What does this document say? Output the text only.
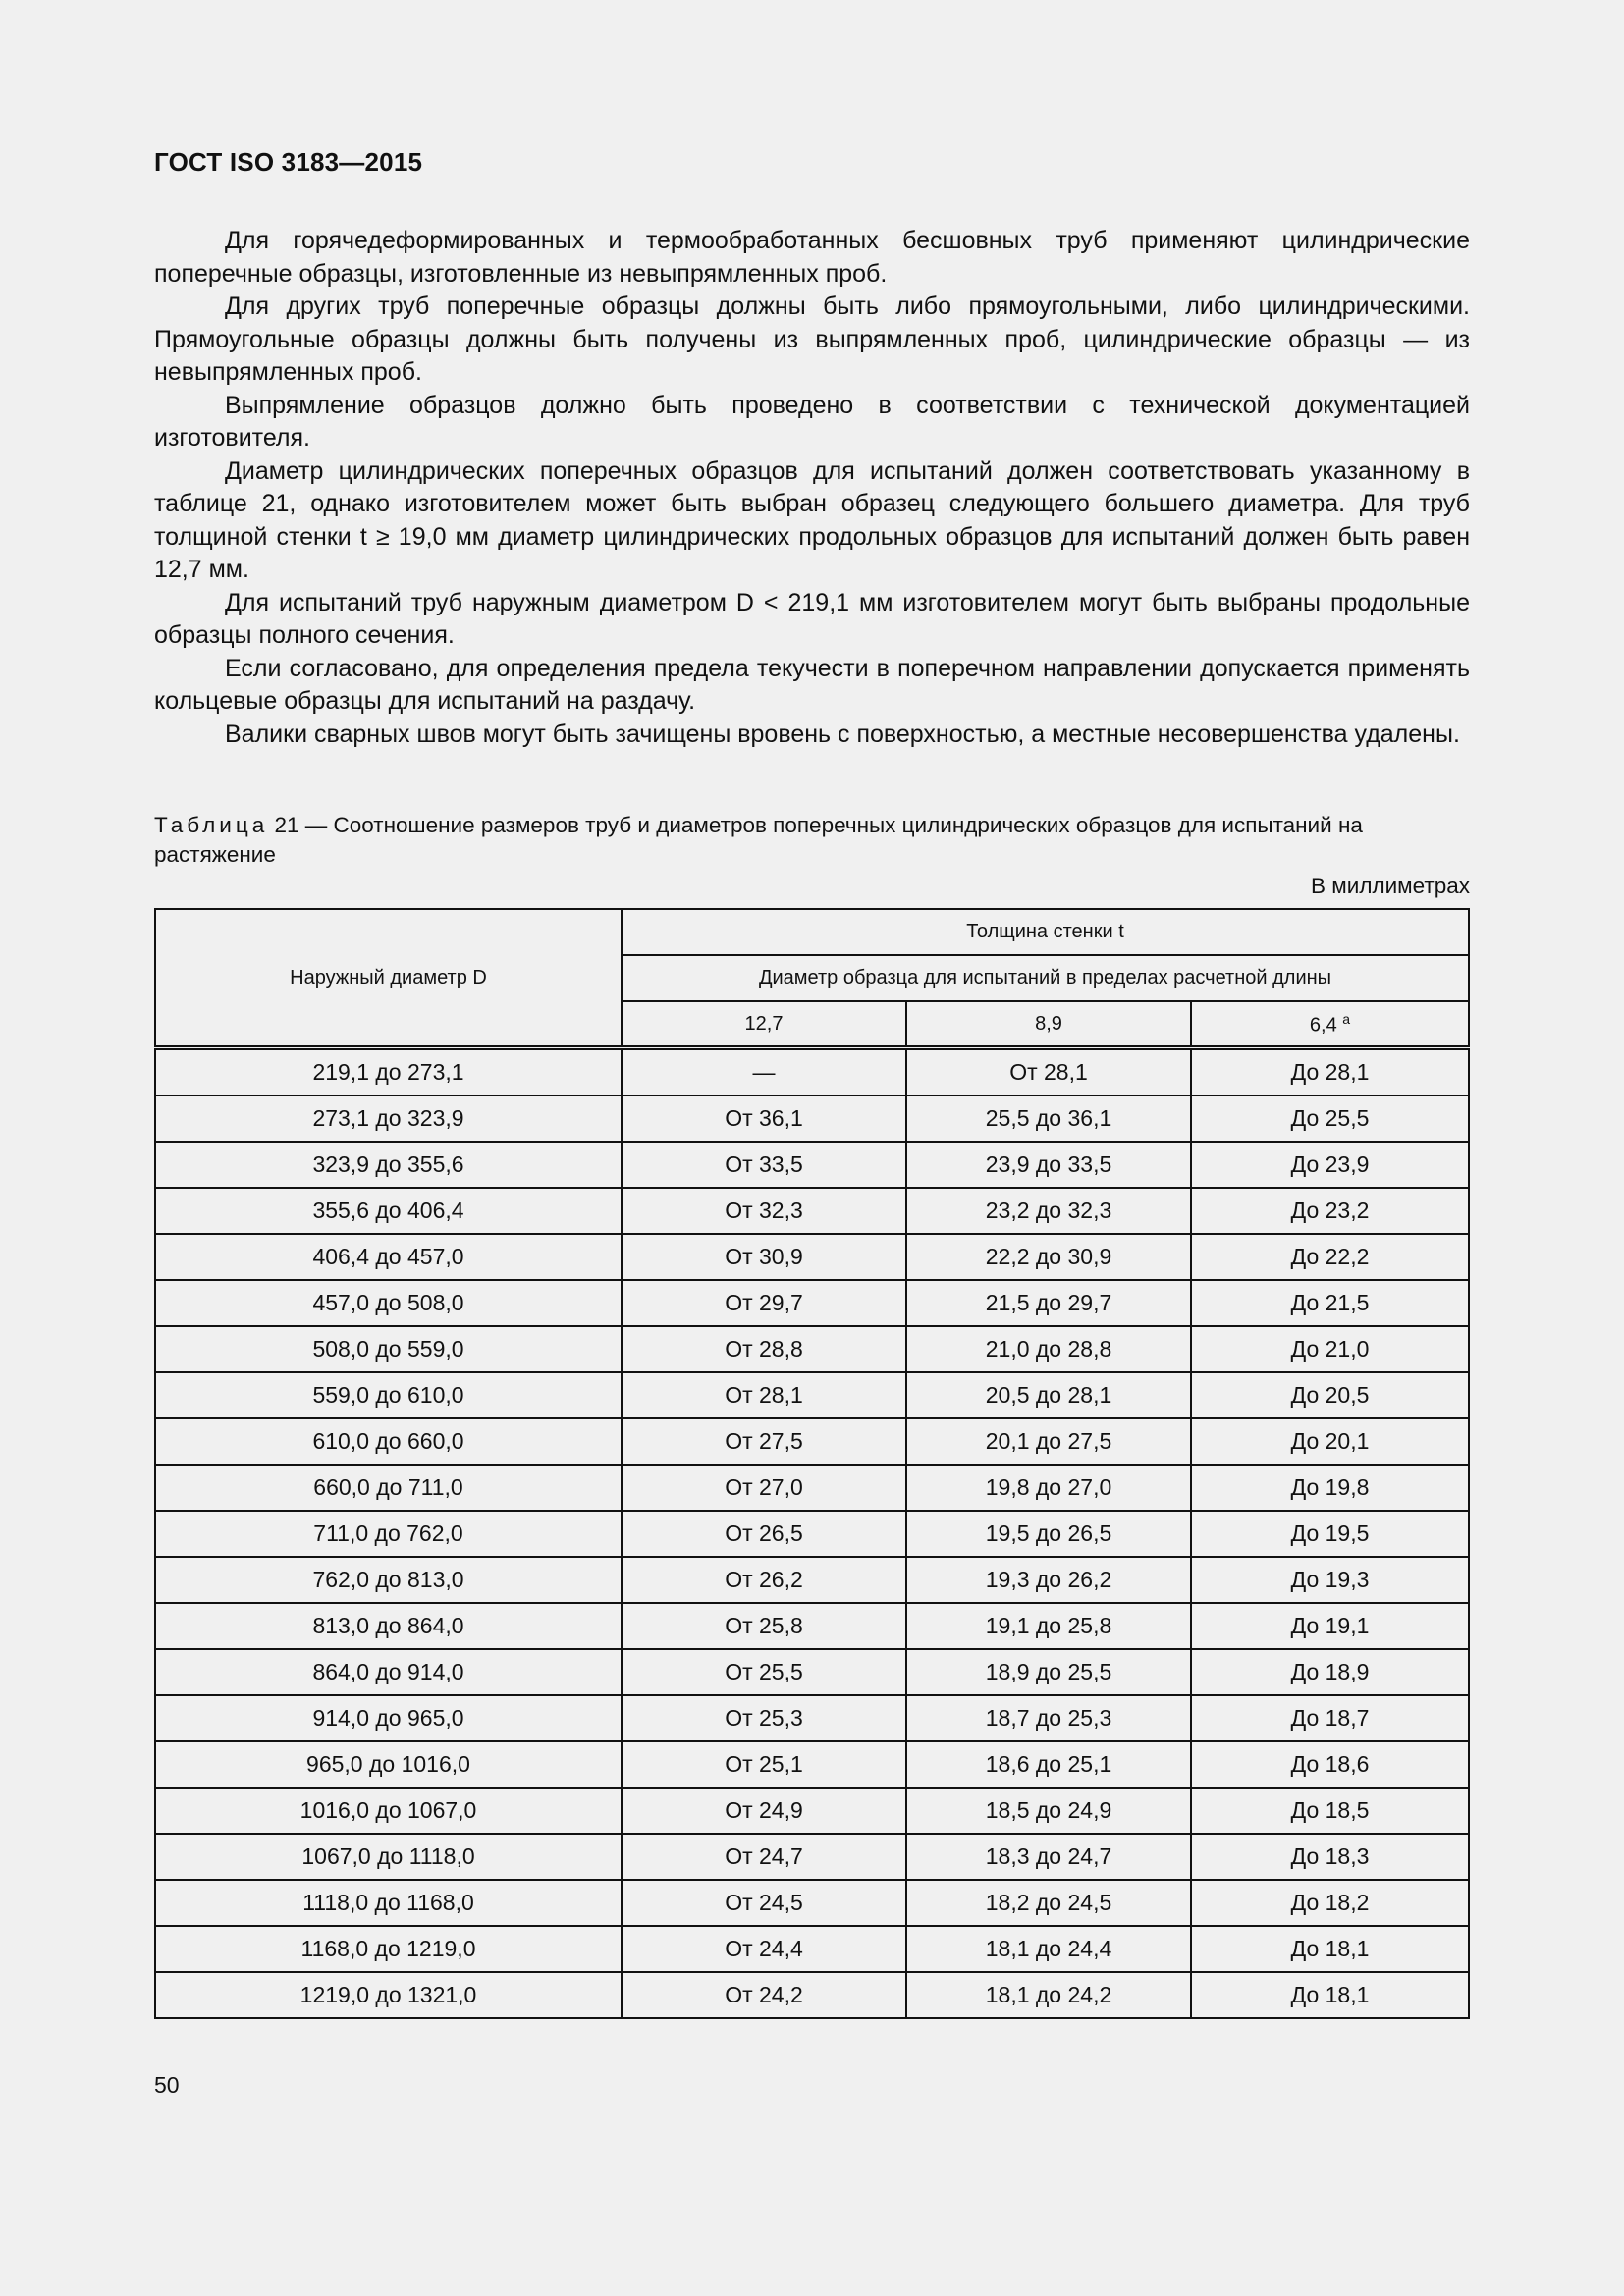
ГОСТ ISO 3183—2015

Для горячедеформированных и термообработанных бесшовных труб применяют цилиндрические поперечные образцы, изготовленные из невыпрямленных проб.

Для других труб поперечные образцы должны быть либо прямоугольными, либо цилиндрическими. Прямоугольные образцы должны быть получены из выпрямленных проб, цилиндрические образцы — из невыпрямленных проб.

Выпрямление образцов должно быть проведено в соответствии с технической документацией изготовителя.

Диаметр цилиндрических поперечных образцов для испытаний должен соответствовать указанному в таблице 21, однако изготовителем может быть выбран образец следующего большего диаметра. Для труб толщиной стенки t ≥ 19,0 мм диаметр цилиндрических продольных образцов для испытаний должен быть равен 12,7 мм.

Для испытаний труб наружным диаметром D < 219,1 мм изготовителем могут быть выбраны продольные образцы полного сечения.

Если согласовано, для определения предела текучести в поперечном направлении допускается применять кольцевые образцы для испытаний на раздачу.

Валики сварных швов могут быть зачищены вровень с поверхностью, а местные несовершенства удалены.

Таблица 21 — Соотношение размеров труб и диаметров поперечных цилиндрических образцов для испытаний на растяжение
В миллиметрах
Наружный диаметр D	Толщина стенки t		
	Диаметр образца для испытаний в пределах расчетной длины		
	12,7	8,9	6,4 $^a$
219,1 до 273,1	—	От 28,1	До 28,1
273,1 до 323,9	От 36,1	25,5 до 36,1	До 25,5
323,9 до 355,6	От 33,5	23,9 до 33,5	До 23,9
355,6 до 406,4	От 32,3	23,2 до 32,3	До 23,2
406,4 до 457,0	От 30,9	22,2 до 30,9	До 22,2
457,0 до 508,0	От 29,7	21,5 до 29,7	До 21,5
508,0 до 559,0	От 28,8	21,0 до 28,8	До 21,0
559,0 до 610,0	От 28,1	20,5 до 28,1	До 20,5
610,0 до 660,0	От 27,5	20,1 до 27,5	До 20,1
660,0 до 711,0	От 27,0	19,8 до 27,0	До 19,8
711,0 до 762,0	От 26,5	19,5 до 26,5	До 19,5
762,0 до 813,0	От 26,2	19,3 до 26,2	До 19,3
813,0 до 864,0	От 25,8	19,1 до 25,8	До 19,1
864,0 до 914,0	От 25,5	18,9 до 25,5	До 18,9
914,0 до 965,0	От 25,3	18,7 до 25,3	До 18,7
965,0 до 1016,0	От 25,1	18,6 до 25,1	До 18,6
1016,0 до 1067,0	От 24,9	18,5 до 24,9	До 18,5
1067,0 до 1118,0	От 24,7	18,3 до 24,7	До 18,3
1118,0 до 1168,0	От 24,5	18,2 до 24,5	До 18,2
1168,0 до 1219,0	От 24,4	18,1 до 24,4	До 18,1
1219,0 до 1321,0	От 24,2	18,1 до 24,2	До 18,1
50
